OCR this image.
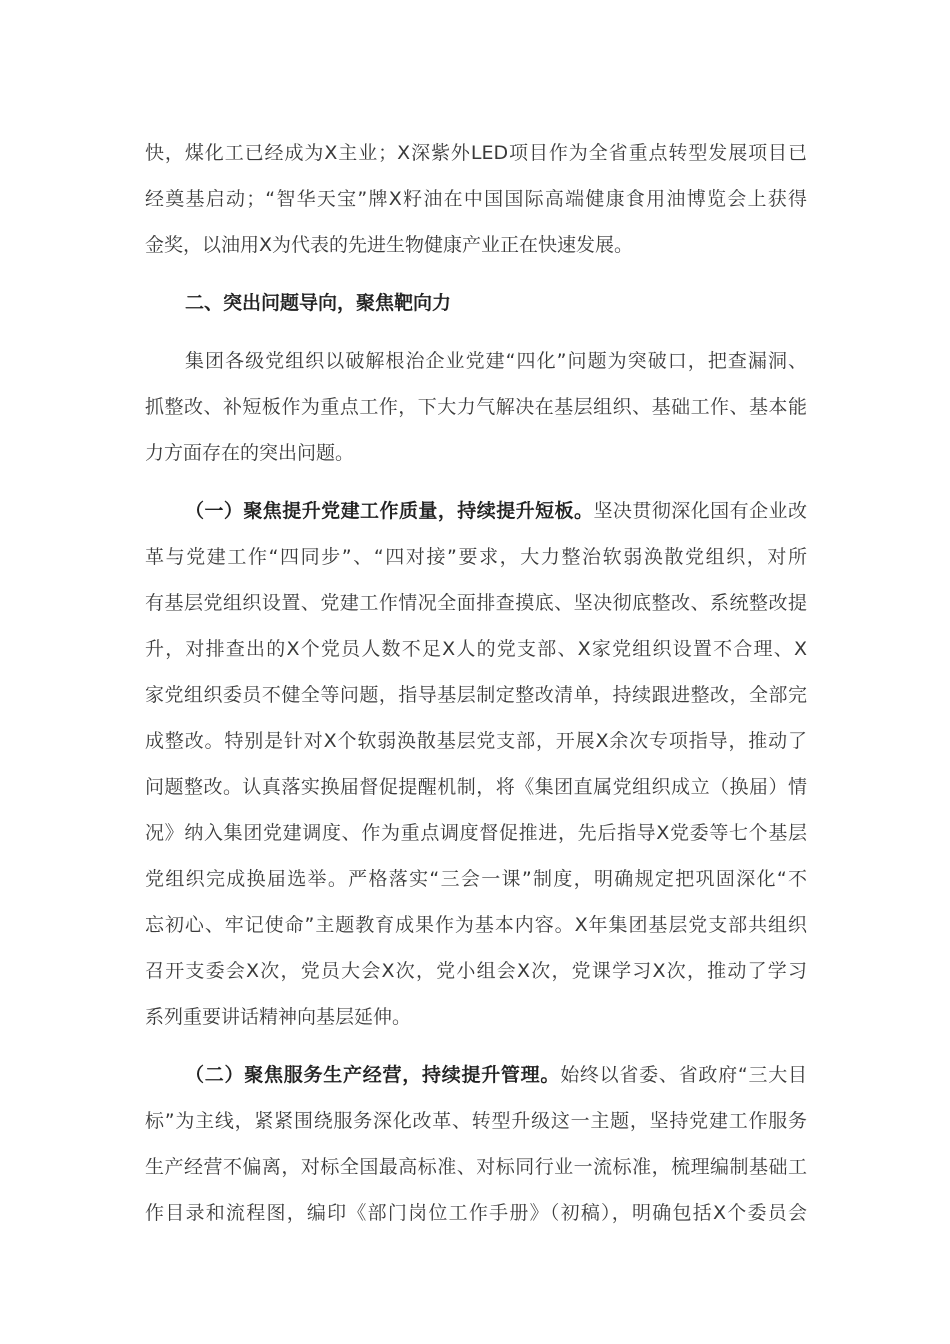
快，煤化工已经成为X主业；X深紫外LED项目作为全省重点转型发展项目已
经奠基启动；“智华天宝”牌X籽油在中国国际高端健康食用油博览会上获得
金奖，以油用X为代表的先进生物健康产业正在快速发展。
二、突出问题导向，聚焦靶向力
集团各级党组织以破解根治企业党建“四化”问题为突破口，把查漏洞、
抓整改、补短板作为重点工作，下大力气解决在基层组织、基础工作、基本能
力方面存在的突出问题。
（一）聚焦提升党建工作质量，持续提升短板。坚决贯彻深化国有企业改
革与党建工作“四同步”、“四对接”要求，大力整治软弱涣散党组织，对所
有基层党组织设置、党建工作情况全面排查摸底、坚决彻底整改、系统整改提
升，对排查出的X个党员人数不足X人的党支部、X家党组织设置不合理、X
家党组织委员不健全等问题，指导基层制定整改清单，持续跟进整改，全部完
成整改。特别是针对X个软弱涣散基层党支部，开展X余次专项指导，推动了
问题整改。认真落实换届督促提醒机制，将《集团直属党组织成立（换届）情
况》纳入集团党建调度、作为重点调度督促推进，先后指导X党委等七个基层
党组织完成换届选举。严格落实“三会一课”制度，明确规定把巩固深化“不
忘初心、牢记使命”主题教育成果作为基本内容。X年集团基层党支部共组织
召开支委会X次，党员大会X次，党小组会X次，党课学习X次，推动了学习
系列重要讲话精神向基层延伸。
（二）聚焦服务生产经营，持续提升管理。始终以省委、省政府“三大目
标”为主线，紧紧围绕服务深化改革、转型升级这一主题，坚持党建工作服务
生产经营不偏离，对标全国最高标准、对标同行业一流标准，梳理编制基础工
作目录和流程图，编印《部门岗位工作手册》（初稿），明确包括X个委员会
